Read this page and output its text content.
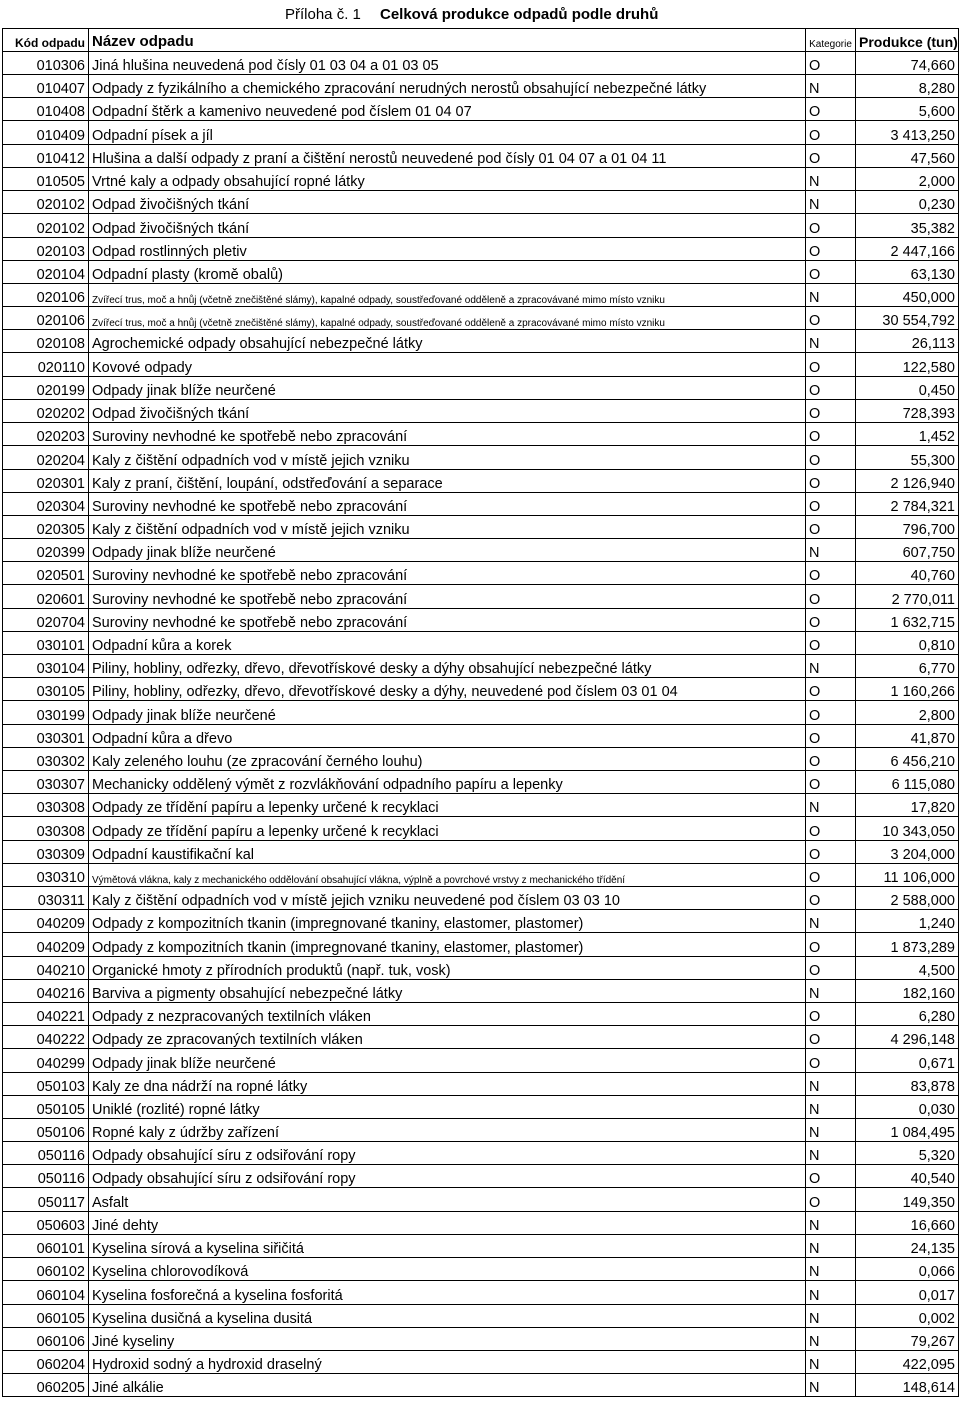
Příloha č. 1 Celková produkce odpadů podle druhů
Kód odpadu	Název odpadu	Kategorie	Produkce (tun)
010306	Jiná hlušina neuvedená pod čísly 01 03 04 a 01 03 05	O	74,660
010407	Odpady z fyzikálního a chemického zpracování nerudných nerostů obsahující nebezpečné látky	N	8,280
010408	Odpadní štěrk a kamenivo neuvedené pod číslem 01 04 07	O	5,600
010409	Odpadní písek a jíl	O	3 413,250
010412	Hlušina a další odpady z praní a čištění nerostů neuvedené pod čísly 01 04 07 a 01 04 11	O	47,560
010505	Vrtné kaly a odpady obsahující ropné látky	N	2,000
020102	Odpad živočišných tkání	N	0,230
020102	Odpad živočišných tkání	O	35,382
020103	Odpad rostlinných pletiv	O	2 447,166
020104	Odpadní plasty (kromě obalů)	O	63,130
020106	Zvířecí trus, moč a hnůj (včetně znečištěné slámy), kapalné odpady, soustřeďované odděleně a zpracovávané mimo místo vzniku	N	450,000
020106	Zvířecí trus, moč a hnůj (včetně znečištěné slámy), kapalné odpady, soustřeďované odděleně a zpracovávané mimo místo vzniku	O	30 554,792
020108	Agrochemické odpady obsahující nebezpečné látky	N	26,113
020110	Kovové odpady	O	122,580
020199	Odpady jinak blíže neurčené	O	0,450
020202	Odpad živočišných tkání	O	728,393
020203	Suroviny nevhodné ke spotřebě nebo zpracování	O	1,452
020204	Kaly z čištění odpadních vod v místě jejich vzniku	O	55,300
020301	Kaly z praní, čištění, loupání, odstřeďování a separace	O	2 126,940
020304	Suroviny nevhodné ke spotřebě nebo zpracování	O	2 784,321
020305	Kaly z čištění odpadních vod v místě jejich vzniku	O	796,700
020399	Odpady jinak blíže neurčené	N	607,750
020501	Suroviny nevhodné ke spotřebě nebo zpracování	O	40,760
020601	Suroviny nevhodné ke spotřebě nebo zpracování	O	2 770,011
020704	Suroviny nevhodné ke spotřebě nebo zpracování	O	1 632,715
030101	Odpadní kůra a korek	O	0,810
030104	Piliny, hobliny, odřezky, dřevo, dřevotřískové desky a dýhy obsahující nebezpečné látky	N	6,770
030105	Piliny, hobliny, odřezky, dřevo, dřevotřískové desky a dýhy, neuvedené pod číslem 03 01 04	O	1 160,266
030199	Odpady jinak blíže neurčené	O	2,800
030301	Odpadní kůra a dřevo	O	41,870
030302	Kaly zeleného louhu (ze zpracování černého louhu)	O	6 456,210
030307	Mechanicky oddělený výmět z rozvlákňování odpadního papíru a lepenky	O	6 115,080
030308	Odpady ze třídění papíru a lepenky určené k recyklaci	N	17,820
030308	Odpady ze třídění papíru a lepenky určené k recyklaci	O	10 343,050
030309	Odpadní kaustifikační kal	O	3 204,000
030310	Výmětová vlákna, kaly z mechanického oddělování obsahující vlákna, výplně a povrchové vrstvy z mechanického třídění	O	11 106,000
030311	Kaly z čištění odpadních vod v místě jejich vzniku neuvedené pod číslem 03 03 10	O	2 588,000
040209	Odpady z kompozitních tkanin (impregnované tkaniny, elastomer, plastomer)	N	1,240
040209	Odpady z kompozitních tkanin (impregnované tkaniny, elastomer, plastomer)	O	1 873,289
040210	Organické hmoty z přírodních produktů (např. tuk, vosk)	O	4,500
040216	Barviva a pigmenty obsahující nebezpečné látky	N	182,160
040221	Odpady z nezpracovaných textilních vláken	O	6,280
040222	Odpady ze zpracovaných textilních vláken	O	4 296,148
040299	Odpady jinak blíže neurčené	O	0,671
050103	Kaly ze dna nádrží na ropné látky	N	83,878
050105	Uniklé (rozlité) ropné látky	N	0,030
050106	Ropné kaly z údržby zařízení	N	1 084,495
050116	Odpady obsahující síru z odsiřování ropy	N	5,320
050116	Odpady obsahující síru z odsiřování ropy	O	40,540
050117	Asfalt	O	149,350
050603	Jiné dehty	N	16,660
060101	Kyselina sírová a kyselina siřičitá	N	24,135
060102	Kyselina chlorovodíková	N	0,066
060104	Kyselina fosforečná a kyselina fosforitá	N	0,017
060105	Kyselina dusičná a kyselina dusitá	N	0,002
060106	Jiné kyseliny	N	79,267
060204	Hydroxid sodný a hydroxid draselný	N	422,095
060205	Jiné alkálie	N	148,614
